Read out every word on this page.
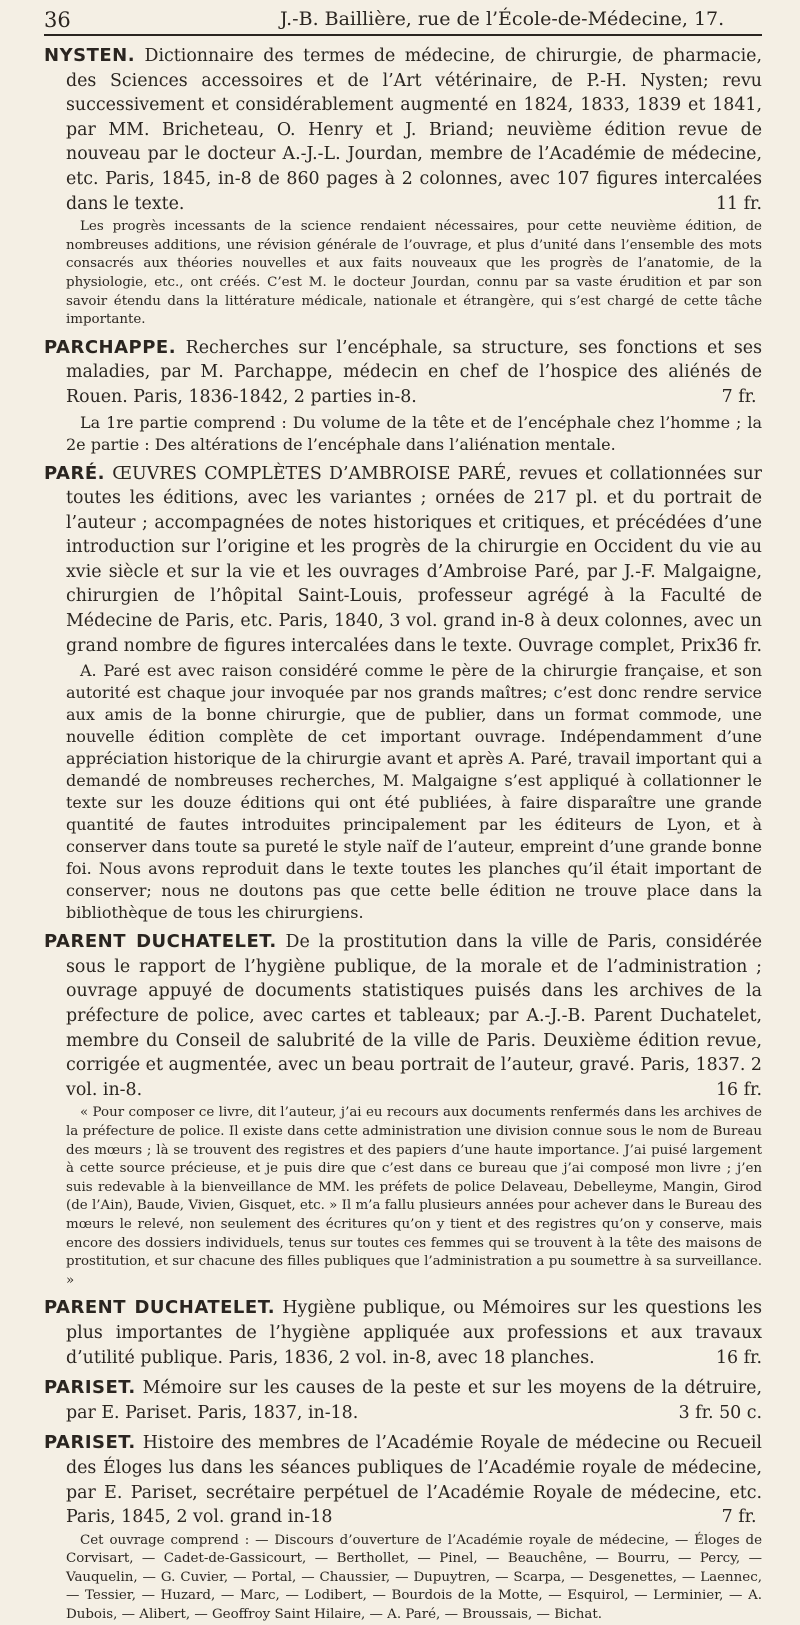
36	J.-B. Baillière, rue de l’École-de-Médecine, 17.

NYSTEN. Dictionnaire des termes de médecine, de chirurgie, de pharmacie, des Sciences accessoires et de l’Art vétérinaire, de P.-H. Nysten; revu successivement et considérablement augmenté en 1824, 1833, 1839 et 1841, par MM. Bricheteau, O. Henry et J. Briand; neuvième édition revue de nouveau par le docteur A.-J.-L. Jourdan, membre de l’Académie de médecine, etc. Paris, 1845, in-8 de 860 pages à 2 colonnes, avec 107 figures intercalées dans le texte.	11 fr.

Les progrès incessants de la science rendaient nécessaires, pour cette neuvième édition, de nombreuses additions, une révision générale de l’ouvrage, et plus d’unité dans l’ensemble des mots consacrés aux théories nouvelles et aux faits nouveaux que les progrès de l’anatomie, de la physiologie, etc., ont créés. C’est M. le docteur Jourdan, connu par sa vaste érudition et par son savoir étendu dans la littérature médicale, nationale et étrangère, qui s’est chargé de cette tâche importante.

PARCHAPPE. Recherches sur l’encéphale, sa structure, ses fonctions et ses maladies, par M. Parchappe, médecin en chef de l’hospice des aliénés de Rouen. Paris, 1836-1842, 2 parties in-8.	7 fr.

La 1re partie comprend : Du volume de la tête et de l’encéphale chez l’homme ; la 2e partie : Des altérations de l’encéphale dans l’aliénation mentale.

PARÉ. ŒUVRES COMPLÈTES D’AMBROISE PARÉ, revues et collationnées sur toutes les éditions, avec les variantes ; ornées de 217 pl. et du portrait de l’auteur ; accompagnées de notes historiques et critiques, et précédées d’une introduction sur l’origine et les progrès de la chirurgie en Occident du vie au xvie siècle et sur la vie et les ouvrages d’Ambroise Paré, par J.-F. Malgaigne, chirurgien de l’hôpital Saint-Louis, professeur agrégé à la Faculté de Médecine de Paris, etc. Paris, 1840, 3 vol. grand in-8 à deux colonnes, avec un grand nombre de figures intercalées dans le texte. Ouvrage complet, Prix :
36 fr.

A. Paré est avec raison considéré comme le père de la chirurgie française, et son autorité est chaque jour invoquée par nos grands maîtres; c’est donc rendre service aux amis de la bonne chirurgie, que de publier, dans un format commode, une nouvelle édition complète de cet important ouvrage. Indépendamment d’une appréciation historique de la chirurgie avant et après A. Paré, travail important qui a demandé de nombreuses recherches, M. Malgaigne s’est appliqué à collationner le texte sur les douze éditions qui ont été publiées, à faire disparaître une grande quantité de fautes introduites principalement par les éditeurs de Lyon, et à conserver dans toute sa pureté le style naïf de l’auteur, empreint d’une grande bonne foi. Nous avons reproduit dans le texte toutes les planches qu’il était important de conserver; nous ne doutons pas que cette belle édition ne trouve place dans la bibliothèque de tous les chirurgiens.

PARENT DUCHATELET. De la prostitution dans la ville de Paris, considérée sous le rapport de l’hygiène publique, de la morale et de l’administration ; ouvrage appuyé de documents statistiques puisés dans les archives de la préfecture de police, avec cartes et tableaux; par A.-J.-B. Parent Duchatelet, membre du Conseil de salubrité de la ville de Paris. Deuxième édition revue, corrigée et augmentée, avec un beau portrait de l’auteur, gravé. Paris, 1837. 2 vol. in-8.	16 fr.

« Pour composer ce livre, dit l’auteur, j’ai eu recours aux documents renfermés dans les archives de la préfecture de police. Il existe dans cette administration une division connue sous le nom de Bureau des mœurs ; là se trouvent des registres et des papiers d’une haute importance. J’ai puisé largement à cette source précieuse, et je puis dire que c’est dans ce bureau que j’ai composé mon livre ; j’en suis redevable à la bienveillance de MM. les préfets de police Delaveau, Debelleyme, Mangin, Girod (de l’Ain), Baude, Vivien, Gisquet, etc. » Il m’a fallu plusieurs années pour achever dans le Bureau des mœurs le relevé, non seulement des écritures qu’on y tient et des registres qu’on y conserve, mais encore des dossiers individuels, tenus sur toutes ces femmes qui se trouvent à la tête des maisons de prostitution, et sur chacune des filles publiques que l’administration a pu soumettre à sa surveillance. »

PARENT DUCHATELET. Hygiène publique, ou Mémoires sur les questions les plus importantes de l’hygiène appliquée aux professions et aux travaux d’utilité publique. Paris, 1836, 2 vol. in-8, avec 18 planches.	16 fr.

PARISET. Mémoire sur les causes de la peste et sur les moyens de la détruire, par E. Pariset. Paris, 1837, in-18.	3 fr. 50 c.

PARISET. Histoire des membres de l’Académie Royale de médecine ou Recueil des Éloges lus dans les séances publiques de l’Académie royale de médecine, par E. Pariset, secrétaire perpétuel de l’Académie Royale de médecine, etc. Paris, 1845, 2 vol. grand in-18	7 fr.

Cet ouvrage comprend : — Discours d’ouverture de l’Académie royale de médecine, — Éloges de Corvisart, — Cadet-de-Gassicourt, — Berthollet, — Pinel, — Beauchêne, — Bourru, — Percy, — Vauquelin, — G. Cuvier, — Portal, — Chaussier, — Dupuytren, — Scarpa, — Desgenettes, — Laennec, — Tessier, — Huzard, — Marc, — Lodibert, — Bourdois de la Motte, — Esquirol, — Lerminier, — A. Dubois, — Alibert, — Geoffroy Saint Hilaire, — A. Paré, — Broussais, — Bichat.
